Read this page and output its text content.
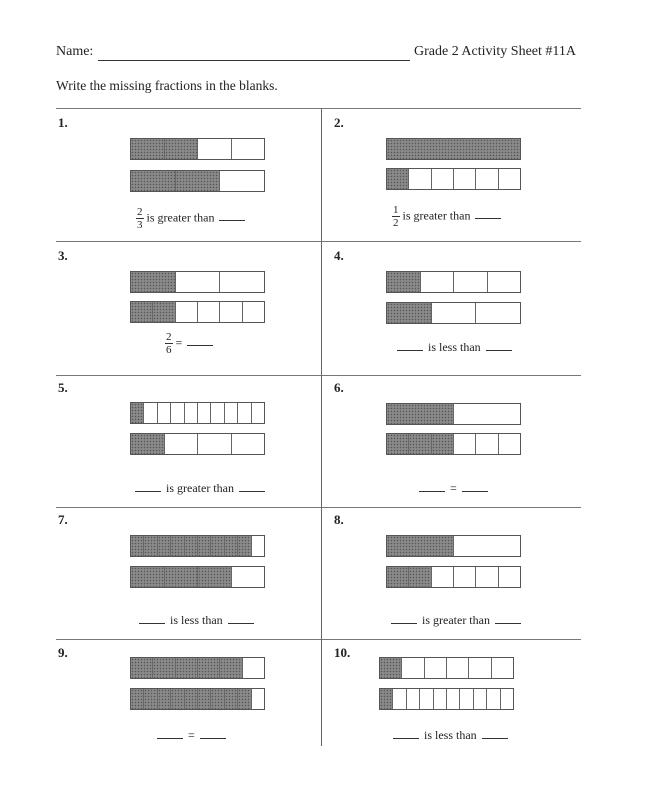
Name:	Grade 2 Activity Sheet #11A
Write the missing fractions in the blanks.
1.
$\frac{2}{3}$ is greater than
2.
$\frac{1}{2}$ is greater than
3.
$\frac{2}{6}$ =
4.
is less than
5.
is greater than
6.
=
7.
is less than
8.
is greater than
9.
=
10.
is less than
